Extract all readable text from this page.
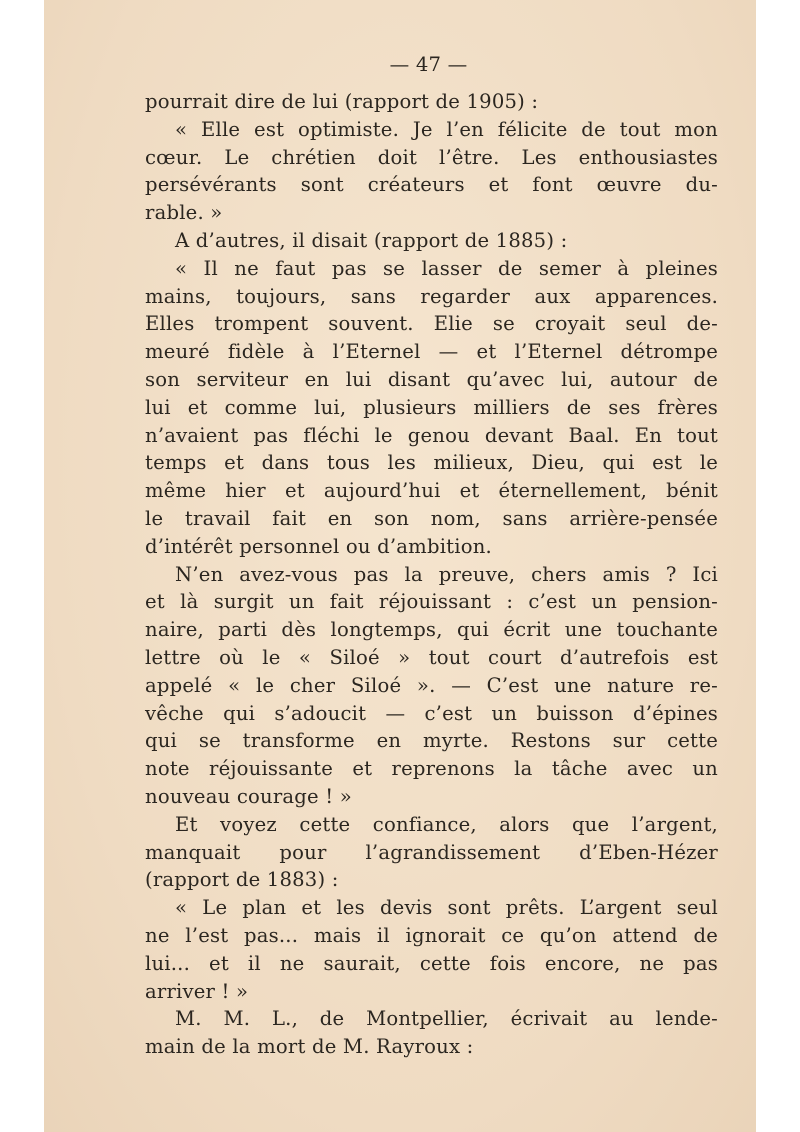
— 47 —

pourrait dire de lui (rapport de 1905) :

« Elle est optimiste. Je l’en félicite de tout mon
cœur. Le chrétien doit l’être. Les enthousiastes
persévérants sont créateurs et font œuvre du-
rable. »

A d’autres, il disait (rapport de 1885) :

« Il ne faut pas se lasser de semer à pleines
mains, toujours, sans regarder aux apparences.
Elles trompent souvent. Elie se croyait seul de-
meuré fidèle à l’Eternel — et l’Eternel détrompe
son serviteur en lui disant qu’avec lui, autour de
lui et comme lui, plusieurs milliers de ses frères
n’avaient pas fléchi le genou devant Baal. En tout
temps et dans tous les milieux, Dieu, qui est le
même hier et aujourd’hui et éternellement, bénit
le travail fait en son nom, sans arrière-pensée
d’intérêt personnel ou d’ambition.

N’en avez-vous pas la preuve, chers amis ? Ici
et là surgit un fait réjouissant : c’est un pension-
naire, parti dès longtemps, qui écrit une touchante
lettre où le « Siloé » tout court d’autrefois est
appelé « le cher Siloé ». — C’est une nature re-
vêche qui s’adoucit — c’est un buisson d’épines
qui se transforme en myrte. Restons sur cette
note réjouissante et reprenons la tâche avec un
nouveau courage ! »

Et voyez cette confiance, alors que l’argent,
manquait pour l’agrandissement d’Eben-Hézer
(rapport de 1883) :

« Le plan et les devis sont prêts. L’argent seul
ne l’est pas... mais il ignorait ce qu’on attend de
lui... et il ne saurait, cette fois encore, ne pas
arriver ! »

M. M. L., de Montpellier, écrivait au lende-
main de la mort de M. Rayroux :
